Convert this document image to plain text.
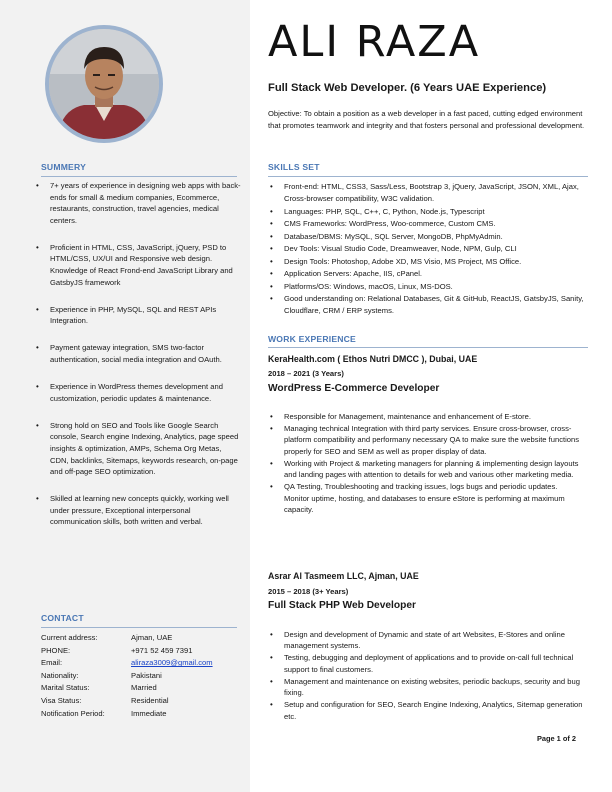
SUMMERY
• 7+ years of experience in designing web apps with back-ends for small & medium companies, Ecommerce, restaurants, construction, travel agencies, medical centers.
• Proficient in HTML, CSS, JavaScript, jQuery, PSD to HTML/CSS, UX/UI and Responsive web design. Knowledge of React Frond-end JavaScript Library and GatsbyJS framework
• Experience in PHP, MySQL, SQL and REST APIs Integration.
• Payment gateway integration, SMS two-factor authentication, social media integration and OAuth.
• Experience in WordPress themes development and customization, periodic updates & maintenance.
• Strong hold on SEO and Tools like Google Search console, Search engine Indexing, Analytics, page speed insights & optimization, AMPs, Schema Org Metas, CDN, backlinks, Sitemaps, keywords research, on-page and off-page SEO optimization.
• Skilled at learning new concepts quickly, working well under pressure, Exceptional interpersonal communication skills, both written and verbal.
CONTACT
Current address:	Ajman, UAE
PHONE:	+971 52 459 7391
Email:	aliraza3009@gmail.com
Nationality:	Pakistani
Marital Status:	Married
Visa Status:	Residential
Notification Period:	Immediate
ALI RAZA
Full Stack Web Developer. (6 Years UAE Experience)
Objective: To obtain a position as a web developer in a fast paced, cutting edged environment that promotes teamwork and integrity and that fosters personal and professional development.
SKILLS SET
• Front-end: HTML, CSS3, Sass/Less, Bootstrap 3, jQuery, JavaScript, JSON, XML, Ajax, Cross-browser compatibility, W3C validation.
• Languages: PHP, SQL, C++, C, Python, Node.js, Typescript
• CMS Frameworks: WordPress, Woo-commerce, Custom CMS.
• Database/DBMS: MySQL, SQL Server, MongoDB, PhpMyAdmin.
• Dev Tools: Visual Studio Code, Dreamweaver, Node, NPM, Gulp, CLI
• Design Tools: Photoshop, Adobe XD, MS Visio, MS Project, MS Office.
• Application Servers: Apache, IIS, cPanel.
• Platforms/OS: Windows, macOS, Linux, MS-DOS.
• Good understanding on: Relational Databases, Git & GitHub, ReactJS, GatsbyJS, Sanity, Cloudflare, CRM / ERP systems.
WORK EXPERIENCE
KeraHealth.com ( Ethos Nutri DMCC ), Dubai, UAE
2018 – 2021 (3 Years)
WordPress E-Commerce Developer
• Responsible for Management, maintenance and enhancement of E-store.
• Managing technical Integration with third party services. Ensure cross-browser, cross-platform compatibility and performany necessary QA to make sure the website functions properly for SEO and SEM as well as proper display of data.
• Working with Project & marketing managers for planning & implementing design layouts and landing pages with attention to details for web and various other marketing media.
• QA Testing, Troubleshooting and tracking issues, logs bugs and periodic updates. Monitor uptime, hosting, and databases to ensure eStore is performing at maximum capacity.
Asrar Al Tasmeem LLC, Ajman, UAE
2015 – 2018 (3+ Years)
Full Stack PHP Web Developer
• Design and development of Dynamic and state of art Websites, E-Stores and online management systems.
• Testing, debugging and deployment of applications and to provide on-call full technical support to final customers.
• Management and maintenance on existing websites, periodic backups, security and bug fixing.
• Setup and configuration for SEO, Search Engine Indexing, Analytics, Sitemap generation etc.
Page 1 of 2
